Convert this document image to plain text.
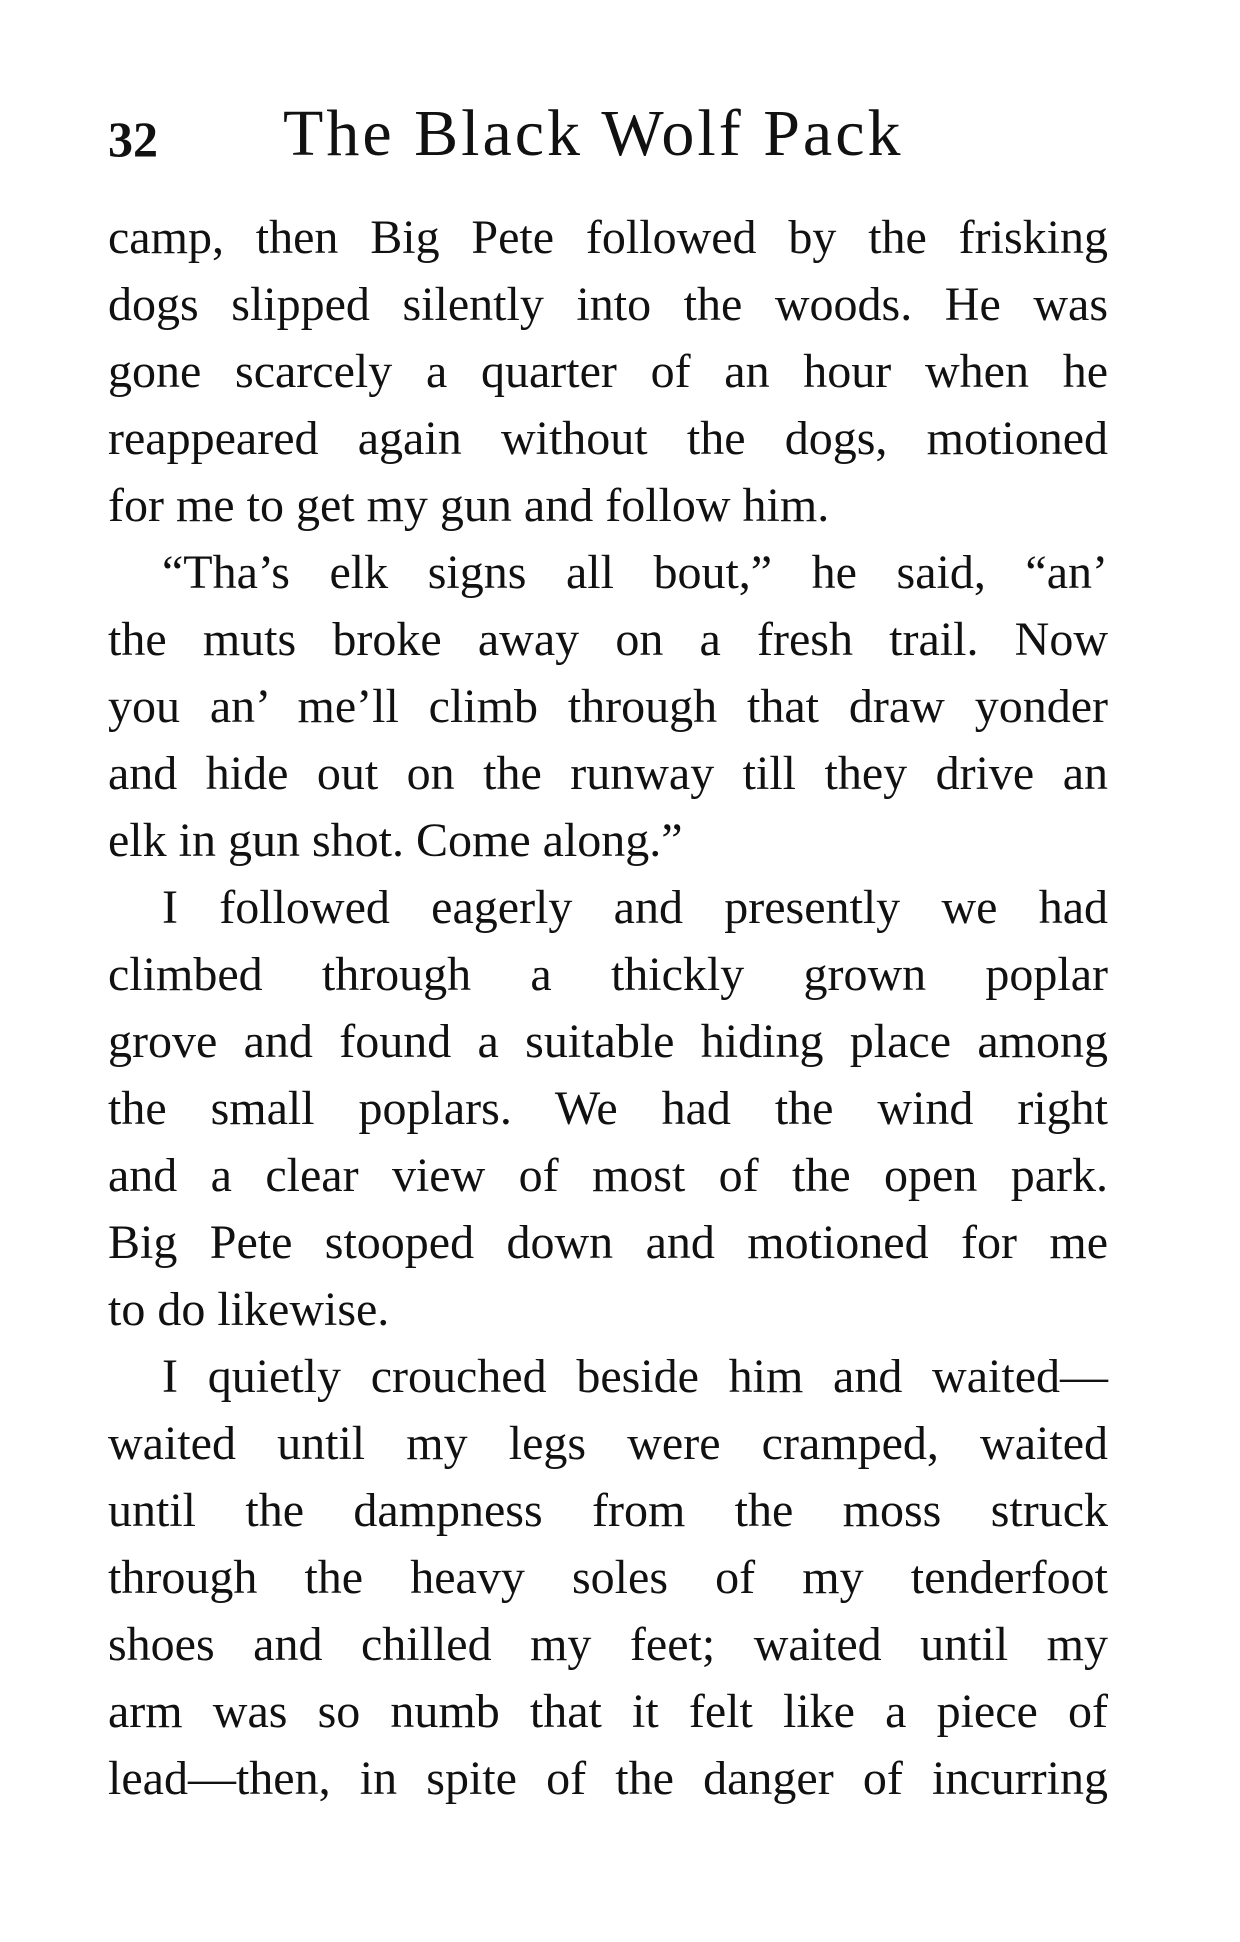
32 The Black Wolf Pack
camp, then Big Pete followed by the frisking
dogs slipped silently into the woods. He was
gone scarcely a quarter of an hour when he
reappeared again without the dogs, motioned
for me to get my gun and follow him.
“Tha’s elk signs all bout,” he said, “an’
the muts broke away on a fresh trail. Now
you an’ me’ll climb through that draw yonder
and hide out on the runway till they drive an
elk in gun shot. Come along.”
I followed eagerly and presently we had
climbed through a thickly grown poplar
grove and found a suitable hiding place among
the small poplars. We had the wind right
and a clear view of most of the open park.
Big Pete stooped down and motioned for me
to do likewise.
I quietly crouched beside him and waited—
waited until my legs were cramped, waited
until the dampness from the moss struck
through the heavy soles of my tenderfoot
shoes and chilled my feet; waited until my
arm was so numb that it felt like a piece of
lead—then, in spite of the danger of incurring
